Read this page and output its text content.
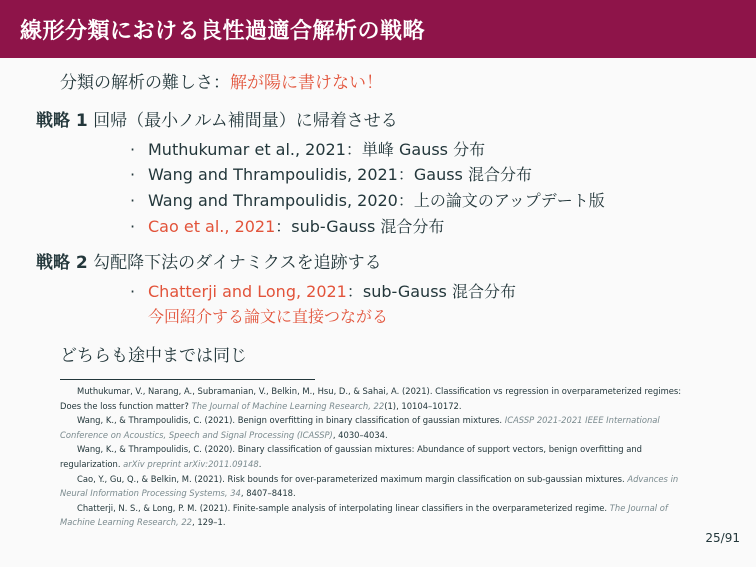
線形分類における良性過適合解析の戦略
分類の解析の難しさ：解が陽に書けない！
戦略 1 回帰（最小ノルム補間量）に帰着させる
· Muthukumar et al., 2021：単峰 Gauss 分布
· Wang and Thrampoulidis, 2021：Gauss 混合分布
· Wang and Thrampoulidis, 2020：上の論文のアップデート版
· Cao et al., 2021：sub-Gauss 混合分布
戦略 2 勾配降下法のダイナミクスを追跡する
· Chatterji and Long, 2021：sub-Gauss 混合分布
今回紹介する論文に直接つながる
どちらも途中までは同じ

Muthukumar, V., Narang, A., Subramanian, V., Belkin, M., Hsu, D., & Sahai, A. (2021). Classification vs regression in overparameterized regimes: Does the loss function matter? The Journal of Machine Learning Research, 22(1), 10104–10172.

Wang, K., & Thrampoulidis, C. (2021). Benign overfitting in binary classification of gaussian mixtures. ICASSP 2021-2021 IEEE International Conference on Acoustics, Speech and Signal Processing (ICASSP), 4030–4034.

Wang, K., & Thrampoulidis, C. (2020). Binary classification of gaussian mixtures: Abundance of support vectors, benign overfitting and regularization. arXiv preprint arXiv:2011.09148.

Cao, Y., Gu, Q., & Belkin, M. (2021). Risk bounds for over-parameterized maximum margin classification on sub-gaussian mixtures. Advances in Neural Information Processing Systems, 34, 8407–8418.

Chatterji, N. S., & Long, P. M. (2021). Finite-sample analysis of interpolating linear classifiers in the overparameterized regime. The Journal of Machine Learning Research, 22, 129–1.

25/91
